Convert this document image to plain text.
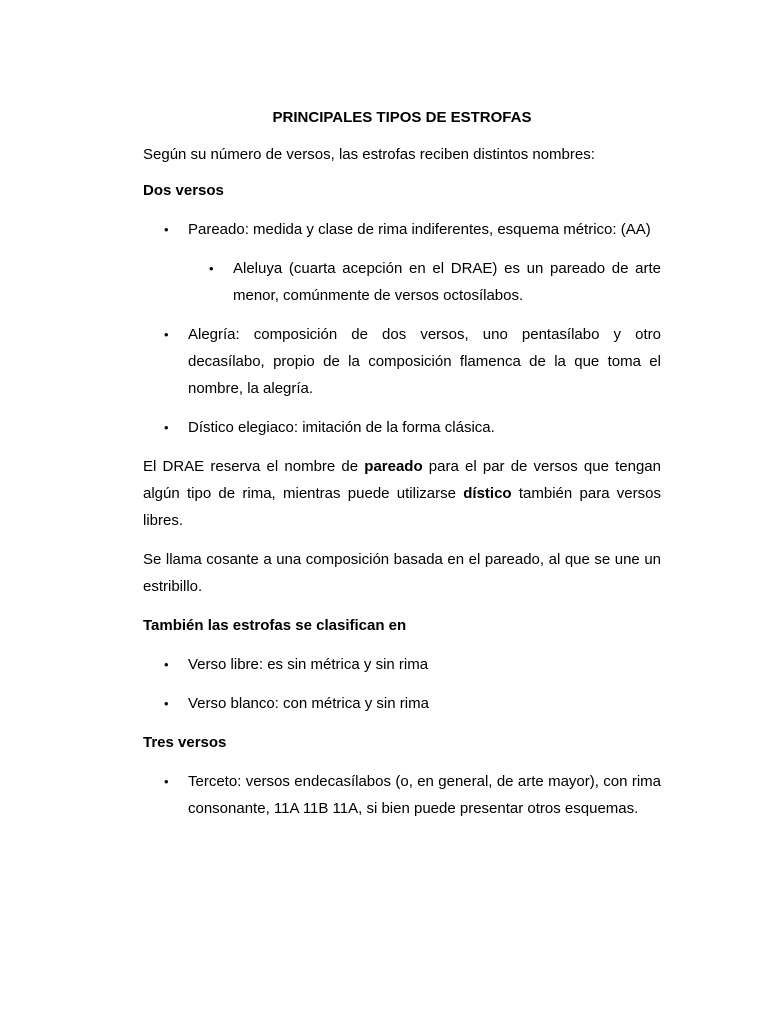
PRINCIPALES TIPOS DE ESTROFAS

Según su número de versos, las estrofas reciben distintos nombres:

Dos versos

• Pareado: medida y clase de rima indiferentes, esquema métrico: (AA)
• Aleluya (cuarta acepción en el DRAE) es un pareado de arte menor, comúnmente de versos octosílabos.
• Alegría: composición de dos versos, uno pentasílabo y otro decasílabo, propio de la composición flamenca de la que toma el nombre, la alegría.
• Dístico elegiaco: imitación de la forma clásica.

El DRAE reserva el nombre de pareado para el par de versos que tengan algún tipo de rima, mientras puede utilizarse dístico también para versos libres.

Se llama cosante a una composición basada en el pareado, al que se une un estribillo.

También las estrofas se clasifican en

• Verso libre: es sin métrica y sin rima
• Verso blanco: con métrica y sin rima

Tres versos

• Terceto: versos endecasílabos (o, en general, de arte mayor), con rima consonante, 11A 11B 11A, si bien puede presentar otros esquemas.
